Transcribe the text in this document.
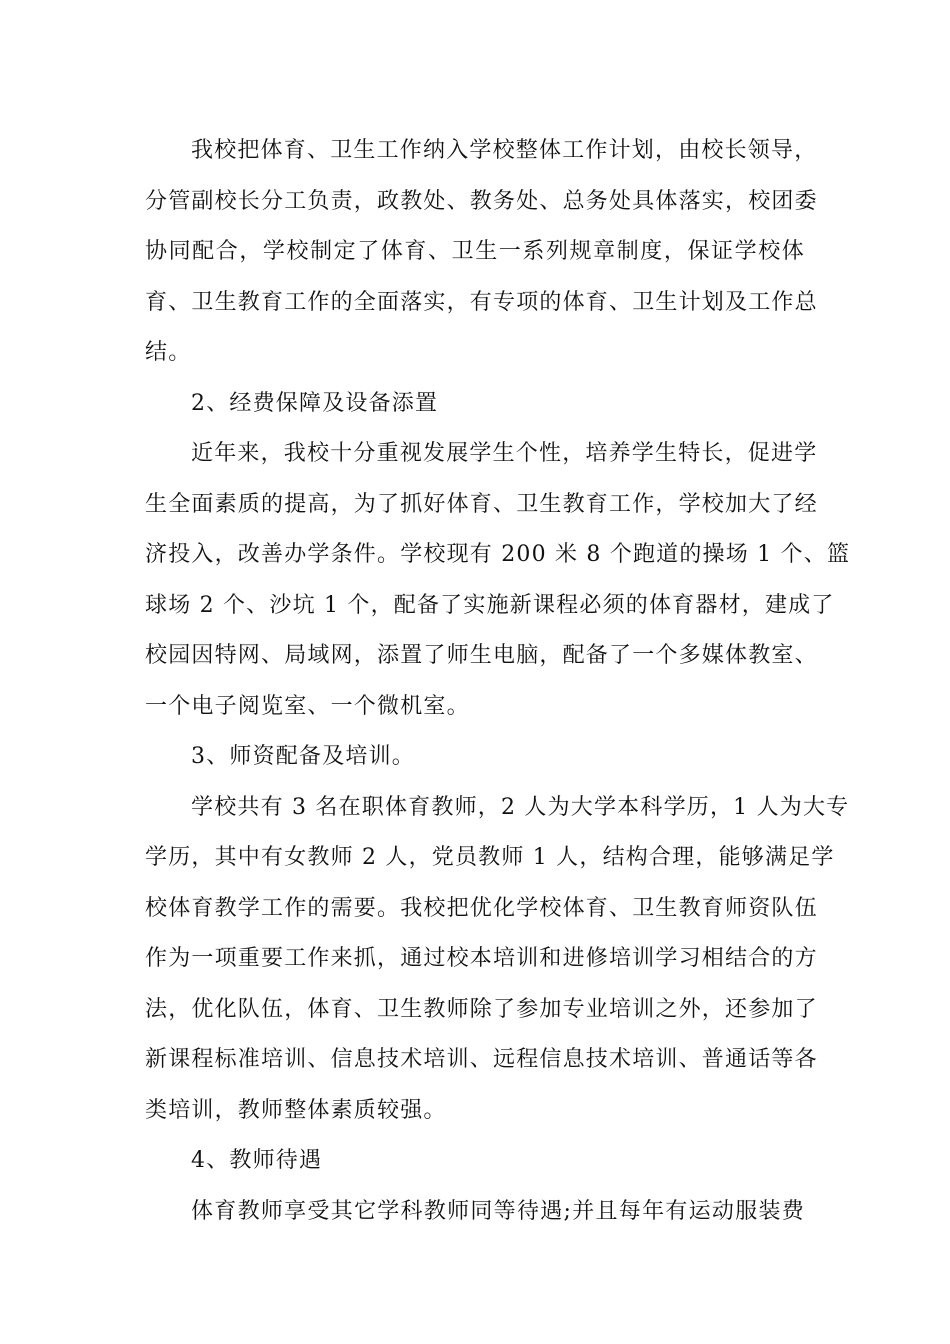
我校把体育、卫生工作纳入学校整体工作计划，由校长领导，
分管副校长分工负责，政教处、教务处、总务处具体落实，校团委
协同配合，学校制定了体育、卫生一系列规章制度，保证学校体
育、卫生教育工作的全面落实，有专项的体育、卫生计划及工作总
结。
2、经费保障及设备添置
近年来，我校十分重视发展学生个性，培养学生特长，促进学
生全面素质的提高，为了抓好体育、卫生教育工作，学校加大了经
济投入，改善办学条件。学校现有 200 米 8 个跑道的操场 1 个、篮
球场 2 个、沙坑 1 个，配备了实施新课程必须的体育器材，建成了
校园因特网、局域网，添置了师生电脑，配备了一个多媒体教室、
一个电子阅览室、一个微机室。
3、师资配备及培训。
学校共有 3 名在职体育教师，2 人为大学本科学历，1 人为大专
学历，其中有女教师 2 人，党员教师 1 人，结构合理，能够满足学
校体育教学工作的需要。我校把优化学校体育、卫生教育师资队伍
作为一项重要工作来抓，通过校本培训和进修培训学习相结合的方
法，优化队伍，体育、卫生教师除了参加专业培训之外，还参加了
新课程标准培训、信息技术培训、远程信息技术培训、普通话等各
类培训，教师整体素质较强。
4、教师待遇
体育教师享受其它学科教师同等待遇;并且每年有运动服装费
